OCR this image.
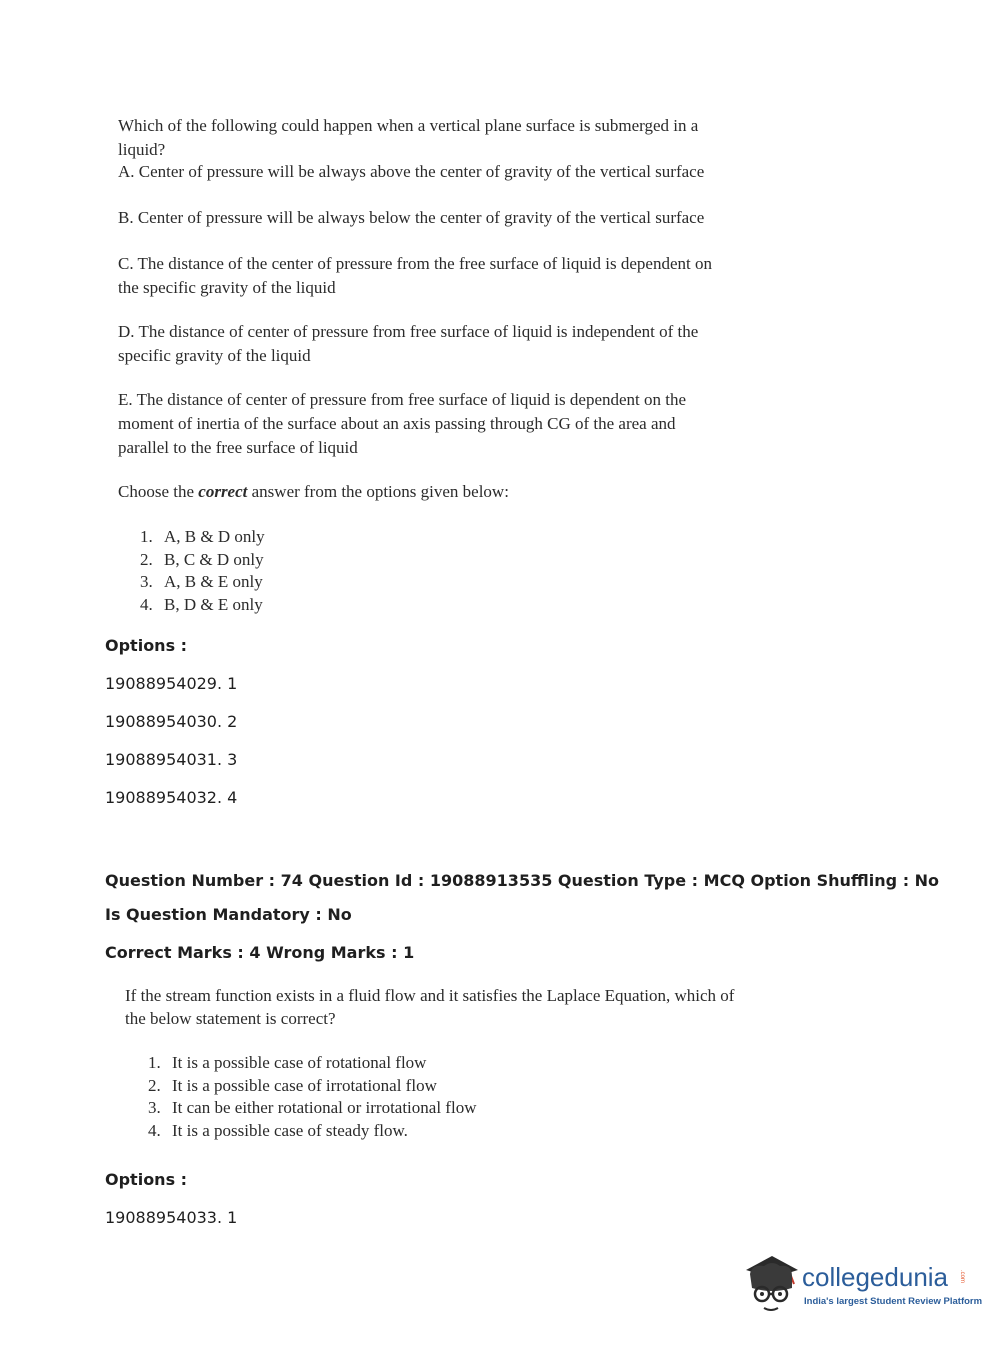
Which of the following could happen when a vertical plane surface is submerged in a liquid?
A. Center of pressure will be always above the center of gravity of the vertical surface
B. Center of pressure will be always below the center of gravity of the vertical surface
C. The distance of the center of pressure from the free surface of liquid is dependent on the specific gravity of the liquid
D. The distance of center of pressure from free surface of liquid is independent of the specific gravity of the liquid
E. The distance of center of pressure from free surface of liquid is dependent on the moment of inertia of the surface about an axis passing through CG of the area and parallel to the free surface of liquid
Choose the correct answer from the options given below:
1. A, B & D only
2. B, C & D only
3. A, B & E only
4. B, D & E only
Options :
19088954029. 1
19088954030. 2
19088954031. 3
19088954032. 4
Question Number : 74 Question Id : 19088913535 Question Type : MCQ Option Shuffling : No
Is Question Mandatory : No
Correct Marks : 4 Wrong Marks : 1
If the stream function exists in a fluid flow and it satisfies the Laplace Equation, which of the below statement is correct?
1. It is a possible case of rotational flow
2. It is a possible case of irrotational flow
3. It can be either rotational or irrotational flow
4. It is a possible case of steady flow.
Options :
19088954033. 1
collegedunia .com
India's largest Student Review Platform
